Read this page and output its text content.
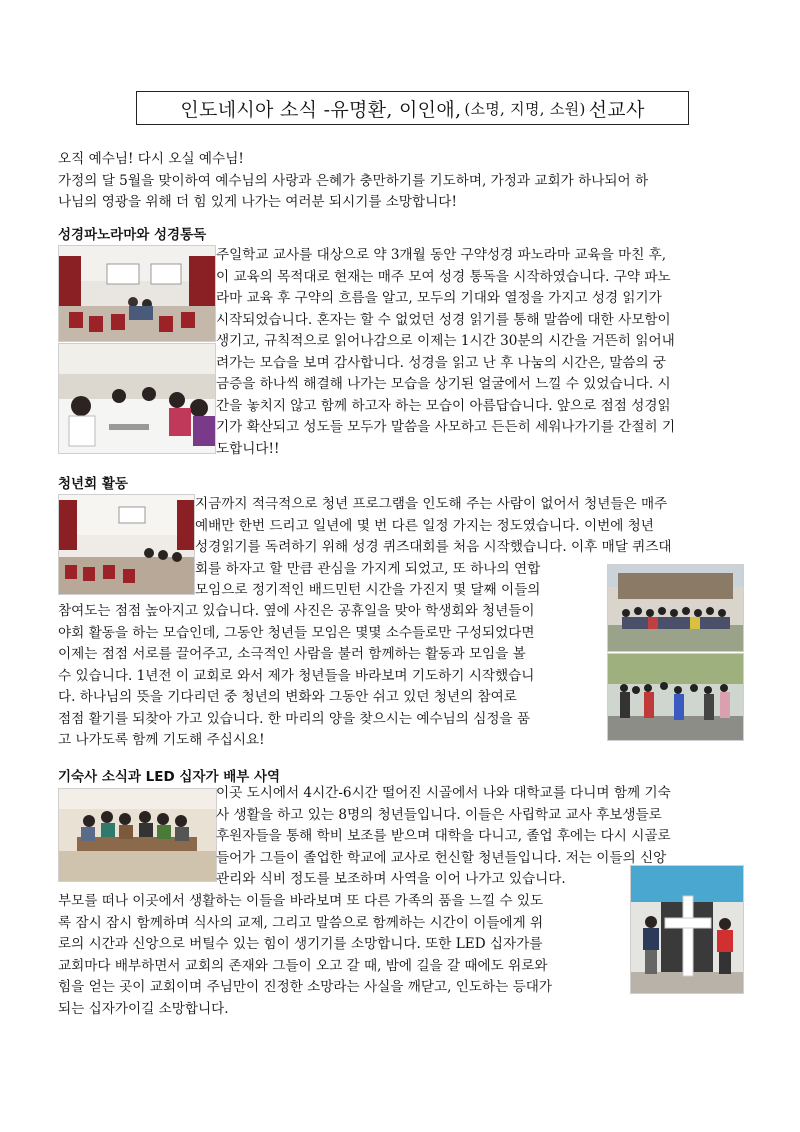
인도네시아 소식 -유명환, 이인애, (소명, 지명, 소원) 선교사
오직 예수님! 다시 오실 예수님!
가정의 달 5월을 맞이하여 예수님의 사랑과 은혜가 충만하기를 기도하며, 가정과 교회가 하나되어 하
나님의 영광을 위해 더 힘 있게 나가는 여러분 되시기를 소망합니다!
성경파노라마와 성경통독
주일학교 교사를 대상으로 약 3개월 동안 구약성경 파노라마 교육을 마친 후,
이 교육의 목적대로 현재는 매주 모여 성경 통독을 시작하였습니다. 구약 파노
라마 교육 후 구약의 흐름을 알고, 모두의 기대와 열정을 가지고 성경 읽기가
시작되었습니다. 혼자는 할 수 없었던 성경 읽기를 통해 말씀에 대한 사모함이
생기고, 규칙적으로 읽어나감으로 이제는 1시간 30분의 시간을 거뜬히 읽어내
려가는 모습을 보며 감사합니다. 성경을 읽고 난 후 나눔의 시간은, 말씀의 궁
금증을 하나씩 해결해 나가는 모습을 상기된 얼굴에서 느낄 수 있었습니다. 시
간을 놓치지 않고 함께 하고자 하는 모습이 아름답습니다. 앞으로 점점 성경읽
기가 확산되고 성도들 모두가 말씀을 사모하고 든든히 세워나가기를 간절히 기
도합니다!!
청년회 활동
지금까지 적극적으로 청년 프로그램을 인도해 주는 사람이 없어서 청년들은 매주
예배만 한번 드리고 일년에 몇 번 다른 일정 가지는 정도였습니다. 이번에 청년
성경읽기를 독려하기 위해 성경 퀴즈대회를 처음 시작했습니다. 이후 매달 퀴즈대
회를 하자고 할 만큼 관심을 가지게 되었고, 또 하나의 연합
모임으로 정기적인 배드민턴 시간을 가진지 몇 달째 이들의
참여도는 점점 높아지고 있습니다. 옆에 사진은 공휴일을 맞아 학생회와 청년들이
야회 활동을 하는 모습인데, 그동안 청년들 모임은 몇몇 소수들로만 구성되었다면
이제는 점점 서로를 끌어주고, 소극적인 사람을 불러 함께하는 활동과 모임을 볼
수 있습니다. 1년전 이 교회로 와서 제가 청년들을 바라보며 기도하기 시작했습니
다. 하나님의 뜻을 기다리던 중 청년의 변화와 그동안 쉬고 있던 청년의 참여로
점점 활기를 되찾아 가고 있습니다. 한 마리의 양을 찾으시는 예수님의 심정을 품
고 나가도록 함께 기도해 주십시요!
기숙사 소식과 LED 십자가 배부 사역
이곳 도시에서 4시간-6시간 떨어진 시골에서 나와 대학교를 다니며 함께 기숙
사 생활을 하고 있는 8명의 청년들입니다. 이들은 사립학교 교사 후보생들로
후원자들을 통해 학비 보조를 받으며 대학을 다니고, 졸업 후에는 다시 시골로
들어가 그들이 졸업한 학교에 교사로 헌신할 청년들입니다. 저는 이들의 신앙
관리와 식비 정도를 보조하며 사역을 이어 나가고 있습니다.
부모를 떠나 이곳에서 생활하는 이들을 바라보며 또 다른 가족의 품을 느낄 수 있도
록 잠시 잠시 함께하며 식사의 교제, 그리고 말씀으로 함께하는 시간이 이들에게 위
로의 시간과 신앙으로 버틸수 있는 힘이 생기기를 소망합니다. 또한 LED 십자가를
교회마다 배부하면서 교회의 존재와 그들이 오고 갈 때, 밤에 길을 갈 때에도 위로와
힘을 얻는 곳이 교회이며 주님만이 진정한 소망라는 사실을 깨닫고, 인도하는 등대가
되는 십자가이길 소망합니다.
